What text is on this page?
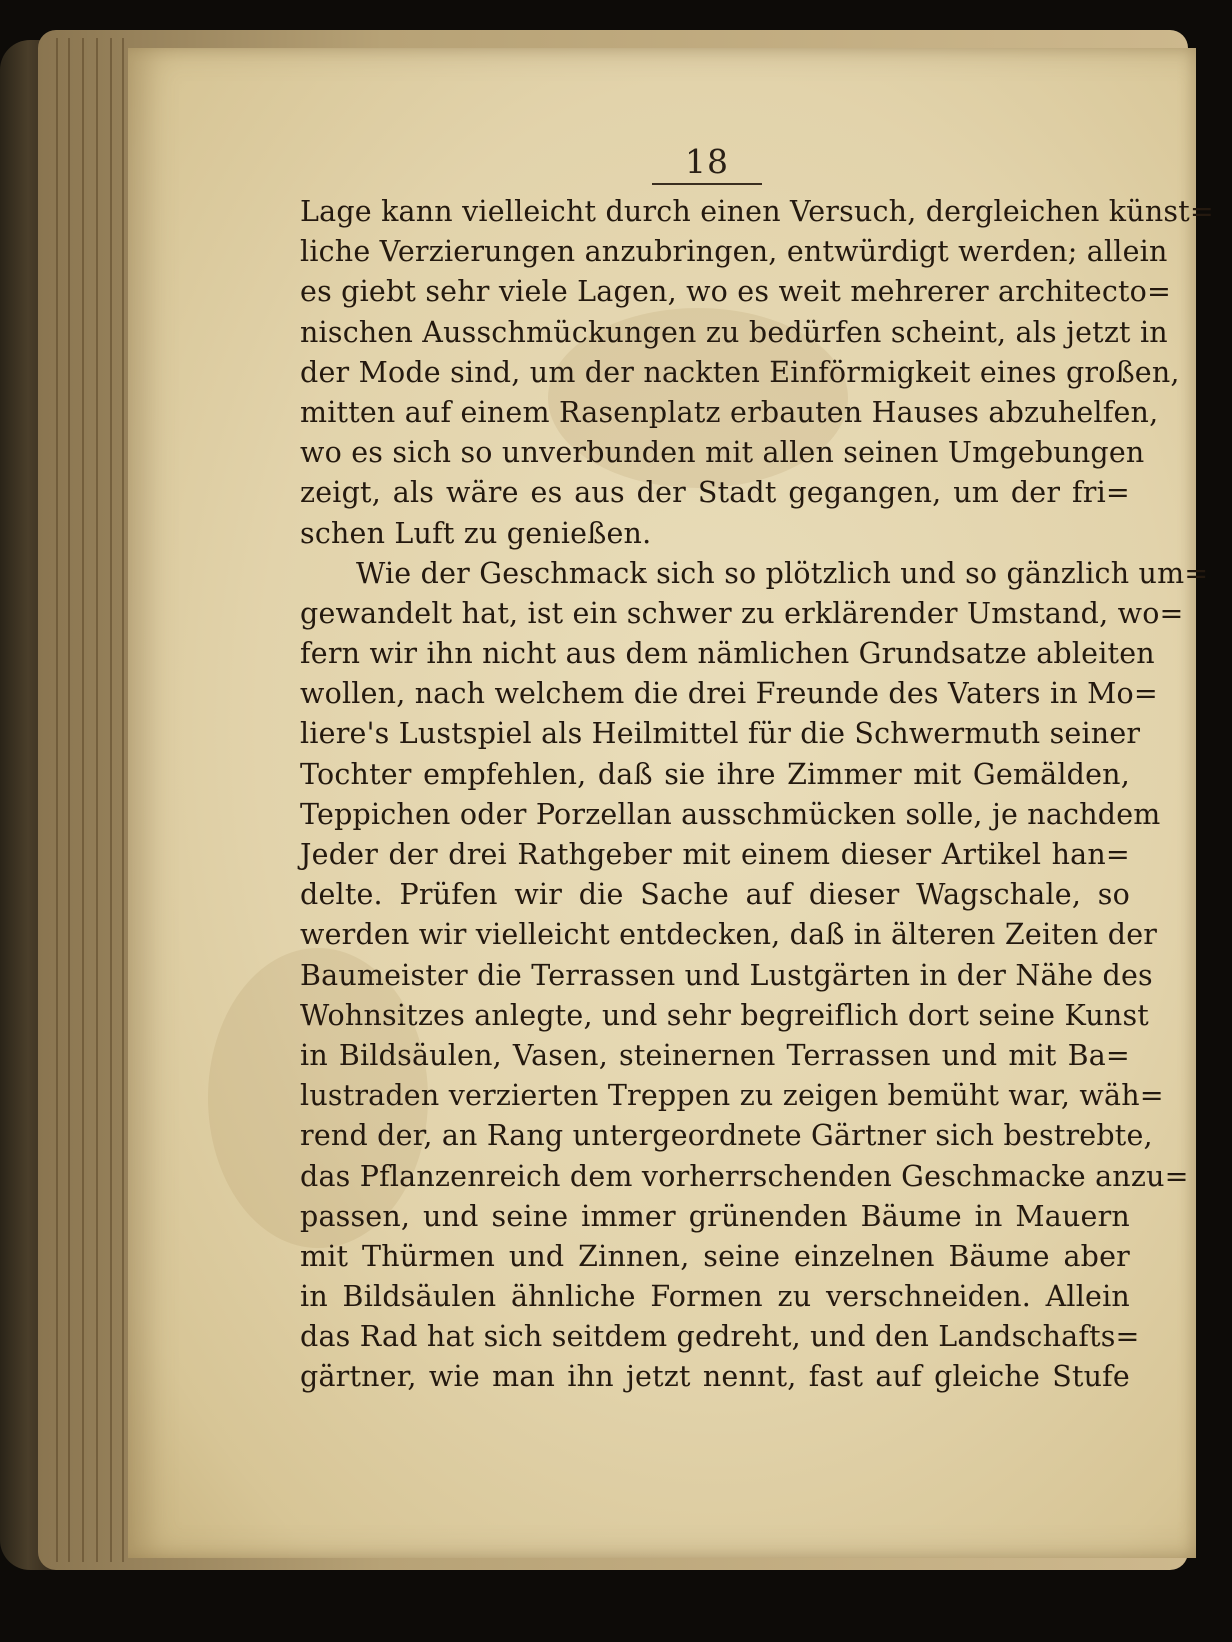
18
Lage kann vielleicht durch einen Versuch, dergleichen künst=
liche Verzierungen anzubringen, entwürdigt werden; allein
es giebt sehr viele Lagen, wo es weit mehrerer architecto=
nischen Ausschmückungen zu bedürfen scheint, als jetzt in
der Mode sind, um der nackten Einförmigkeit eines großen,
mitten auf einem Rasenplatz erbauten Hauses abzuhelfen,
wo es sich so unverbunden mit allen seinen Umgebungen
zeigt, als wäre es aus der Stadt gegangen, um der fri=
schen Luft zu genießen.
Wie der Geschmack sich so plötzlich und so gänzlich um=
gewandelt hat, ist ein schwer zu erklärender Umstand, wo=
fern wir ihn nicht aus dem nämlichen Grundsatze ableiten
wollen, nach welchem die drei Freunde des Vaters in Mo=
liere's Lustspiel als Heilmittel für die Schwermuth seiner
Tochter empfehlen, daß sie ihre Zimmer mit Gemälden,
Teppichen oder Porzellan ausschmücken solle, je nachdem
Jeder der drei Rathgeber mit einem dieser Artikel han=
delte. Prüfen wir die Sache auf dieser Wagschale, so
werden wir vielleicht entdecken, daß in älteren Zeiten der
Baumeister die Terrassen und Lustgärten in der Nähe des
Wohnsitzes anlegte, und sehr begreiflich dort seine Kunst
in Bildsäulen, Vasen, steinernen Terrassen und mit Ba=
lustraden verzierten Treppen zu zeigen bemüht war, wäh=
rend der, an Rang untergeordnete Gärtner sich bestrebte,
das Pflanzenreich dem vorherrschenden Geschmacke anzu=
passen, und seine immer grünenden Bäume in Mauern
mit Thürmen und Zinnen, seine einzelnen Bäume aber
in Bildsäulen ähnliche Formen zu verschneiden. Allein
das Rad hat sich seitdem gedreht, und den Landschafts=
gärtner, wie man ihn jetzt nennt, fast auf gleiche Stufe
